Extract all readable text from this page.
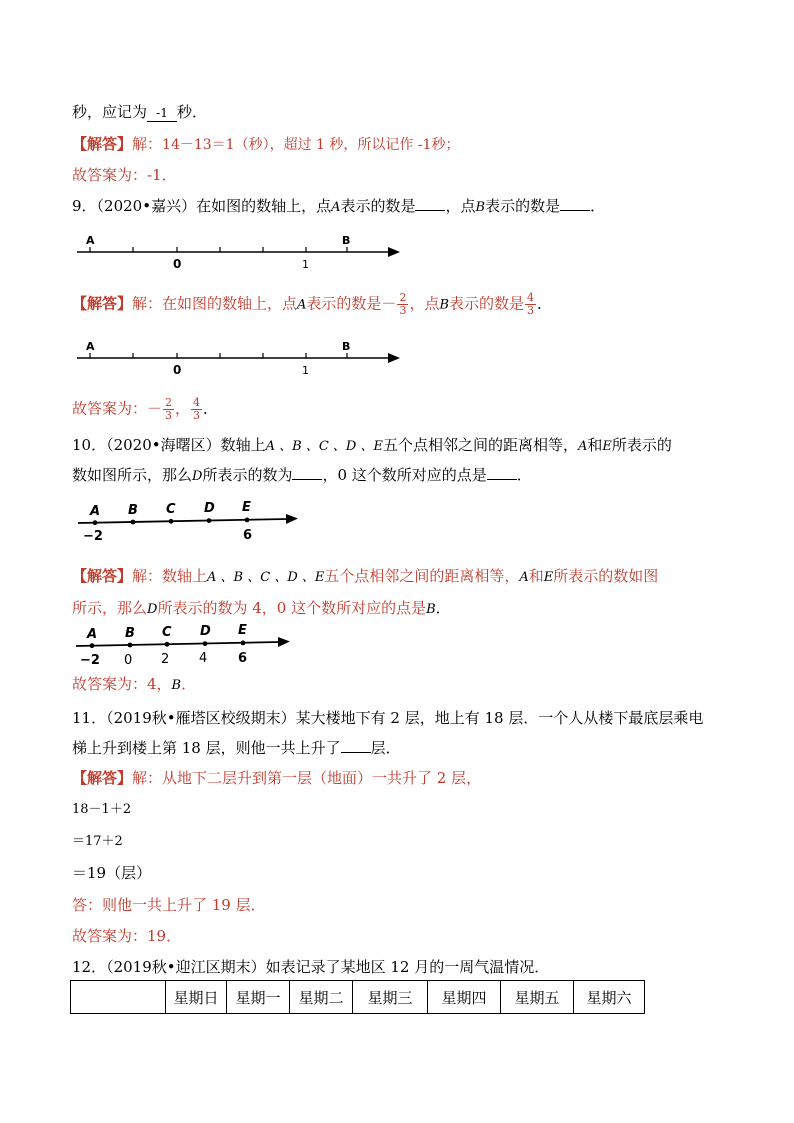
秒，应记为 -1 秒．
【解答】解：14－13＝1（秒），超过 1 秒，所以记作 -1秒；
故答案为：-1．
9．（2020•嘉兴）在如图的数轴上，点A表示的数是 ，点B表示的数是 ．
A	B
0	1
【解答】解：在如图的数轴上，点A表示的数是－ $\frac{2}{3}$ ，点B表示的数是 $\frac{4}{3}$ ．
A	B
0	1
故答案为：－ $\frac{2}{3}$ ， $\frac{4}{3}$ ．
10．（2020•海曙区）数轴上A 、B 、C 、D 、E五个点相邻之间的距离相等，A和E所表示的
数如图所示，那么D所表示的数为 ，0 这个数所对应的点是 ．
A B C D E
−2	6
【解答】解：数轴上A 、B 、C 、D 、E五个点相邻之间的距离相等，A和E所表示的数如图
所示，那么D所表示的数为 4，0 这个数所对应的点是B．
A B C D E
−2 0 2 4 6
故答案为：4，B．
11．（2019秋•雁塔区校级期末）某大楼地下有 2 层，地上有 18 层．一个人从楼下最底层乘电
梯上升到楼上第 18 层，则他一共上升了 层．
【解答】解：从地下二层升到第一层（地面）一共升了 2 层，
18－1＋2
＝17＋2
＝19（层）
答：则他一共上升了 19 层．
故答案为：19．
12．（2019秋•迎江区期末）如表记录了某地区 12 月的一周气温情况．
	星期日	星期一	星期二	星期三	星期四	星期五	星期六
